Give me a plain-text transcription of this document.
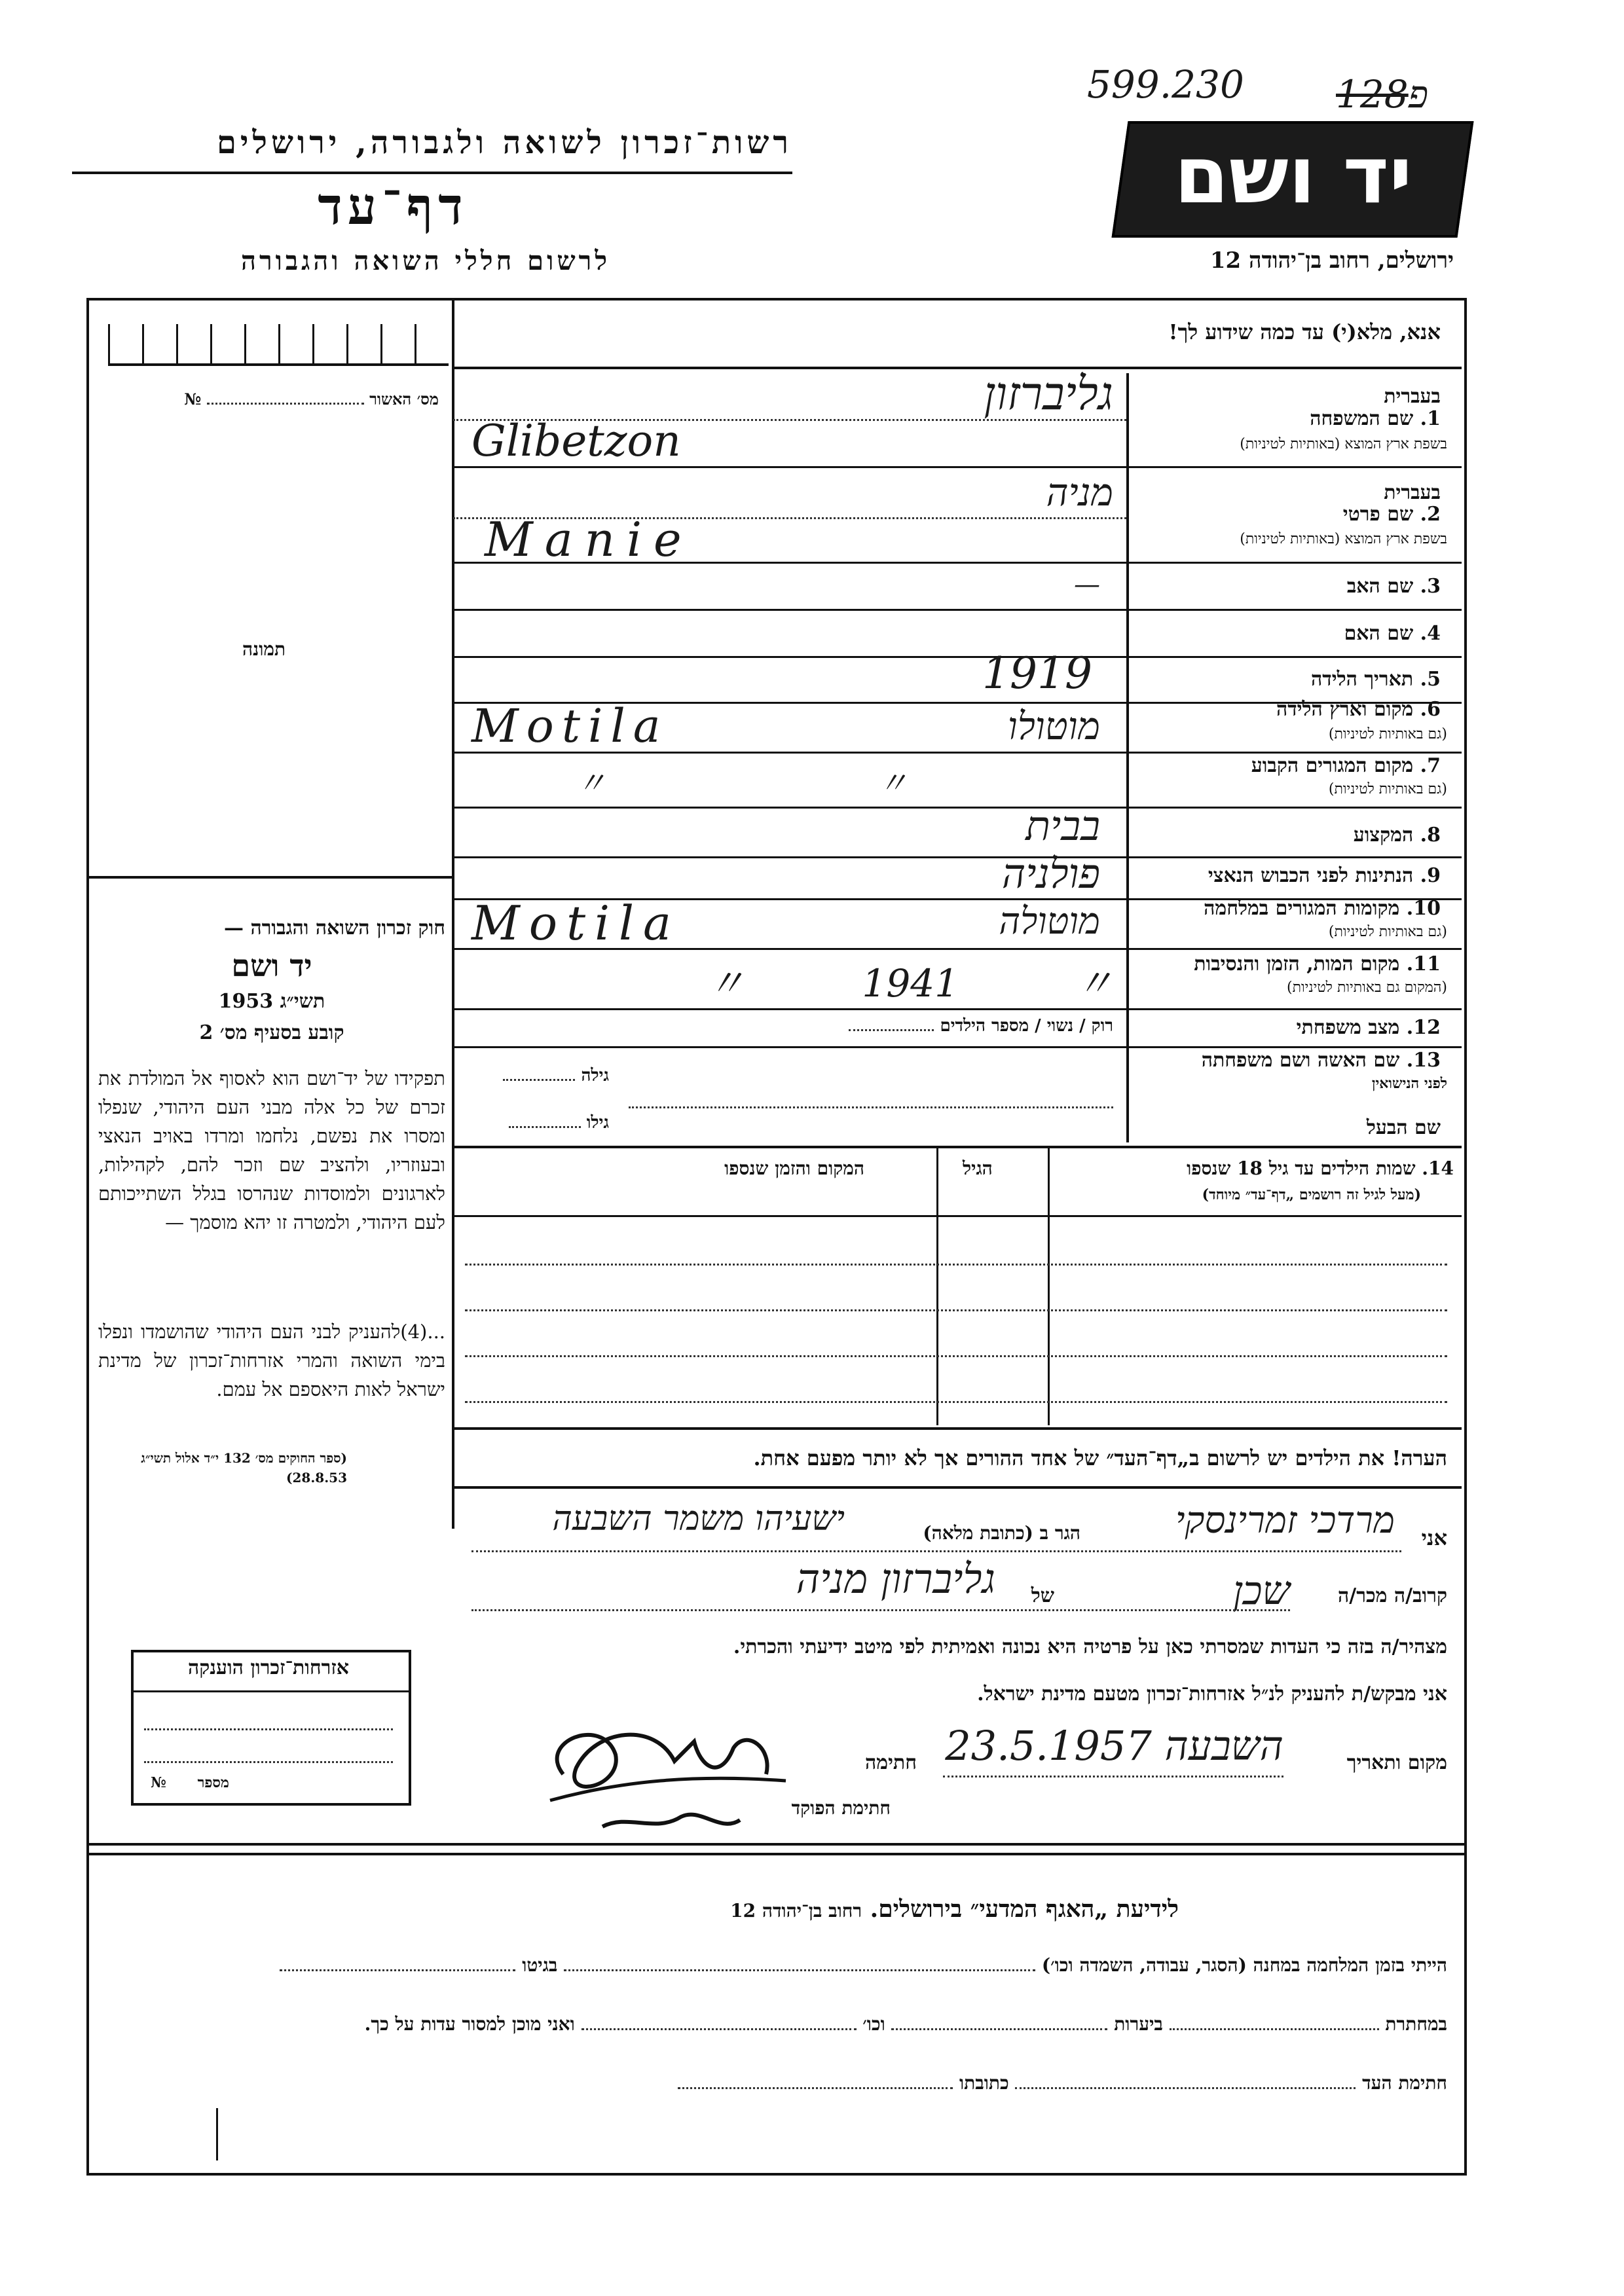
599.230 128פ
רשות־זכרון לשואה ולגבורה, ירושלים
דף־עד
לרשום חללי השואה והגבורה
יד ושם
ירושלים, רחוב בן־יהודה 12
אנא, מלא(י) עד כמה שידוע לך!
מס׳ האשור  №
תמונה
בעברית
1. שם המשפחה
בשפת ארץ המוצא (באותיות לטיניות)
גליברזון
Glibetzon
בעברית
2. שם פרטי
בשפת ארץ המוצא (באותיות לטיניות)
מניה
Manie
3. שם האב
—
4. שם האם
5. תאריך הלידה
1919
6. מקום וארץ הלידה
(גם באותיות לטיניות)
מוטולו
Motila
7. מקום המגורים הקבוע
(גם באותיות לטיניות)
〃 〃
8. המקצוע
בבית
9. הנתינות לפני הכבוש הנאצי
פולניה
10. מקומות המגורים במלחמה
(גם באותיות לטיניות)
מוטולה
Motila
11. מקום המות, הזמן והנסיבות
(המקום גם באותיות לטיניות)
〃 1941 〃
12. מצב משפחתי
רוק / נשוי / מספר הילדים
13. שם האשה ושם משפחתה
לפני הנישואין
גילה
שם הבעל
גילו
14. שמות הילדים עד גיל 18 שנספו
(מעל לגיל זה רושמים „דף־עד״ מיוחד)
הגיל
המקום והזמן שנספו
הערה! את הילדים יש לרשום ב„דף־העד״ של אחד ההורים אך לא יותר מפעם אחת.
חוק זכרון השואה והגבורה —
יד ושם
1953 תשי״ג
קובע בסעיף מס׳ 2
תפקידו של יד־ושם הוא לאסוף אל המולדת את זכרם של כל אלה מבני העם היהודי, שנפלו ומסרו את נפשם, נלחמו ומרדו באויב הנאצי ובעוזריו, ולהציב שם וזכר להם, לקהילות, לארגונים ולמוסדות שנהרסו בגלל השתייכותם לעם היהודי, ולמטרה זו יהא מוסמך —
...(4)להעניק לבני העם היהודי שהושמדו ונפלו בימי השואה והמרי אזרחות־זכרון של מדינת ישראל לאות היאספם אל עמם.
(ספר החוקים מס׳ 132 י״ד אלול תשי״ג 28.8.53)
אזרחות־זכרון הוענקה
№ מספר
אני
מרדכי זמרינסקי
הגר ב (כתובת מלאה)
ישעיהו משמר השבעה
קרוב/ה מכר/ה
שכן
של
גליברזון מניה
מצהיר/ה בזה כי העדות שמסרתי כאן על פרטיה היא נכונה ואמיתית לפי מיטב ידיעתי והכרתי.
אני מבקש/ת להעניק לנ״ל אזרחות־זכרון מטעם מדינת ישראל.
מקום ותאריך
השבעה 23.5.1957
חתימה
חתימת הפוקד
לידיעת „האגף המדעי״ בירושלים. רחוב בן־יהודה 12
הייתי בזמן המלחמה במחנה (הסגר, עבודה, השמדה וכו׳)  בגיטו
במחתרת  ביערות  וכו׳  ואני מוכן למסור עדות על כך.
חתימת העד  כתובתו
